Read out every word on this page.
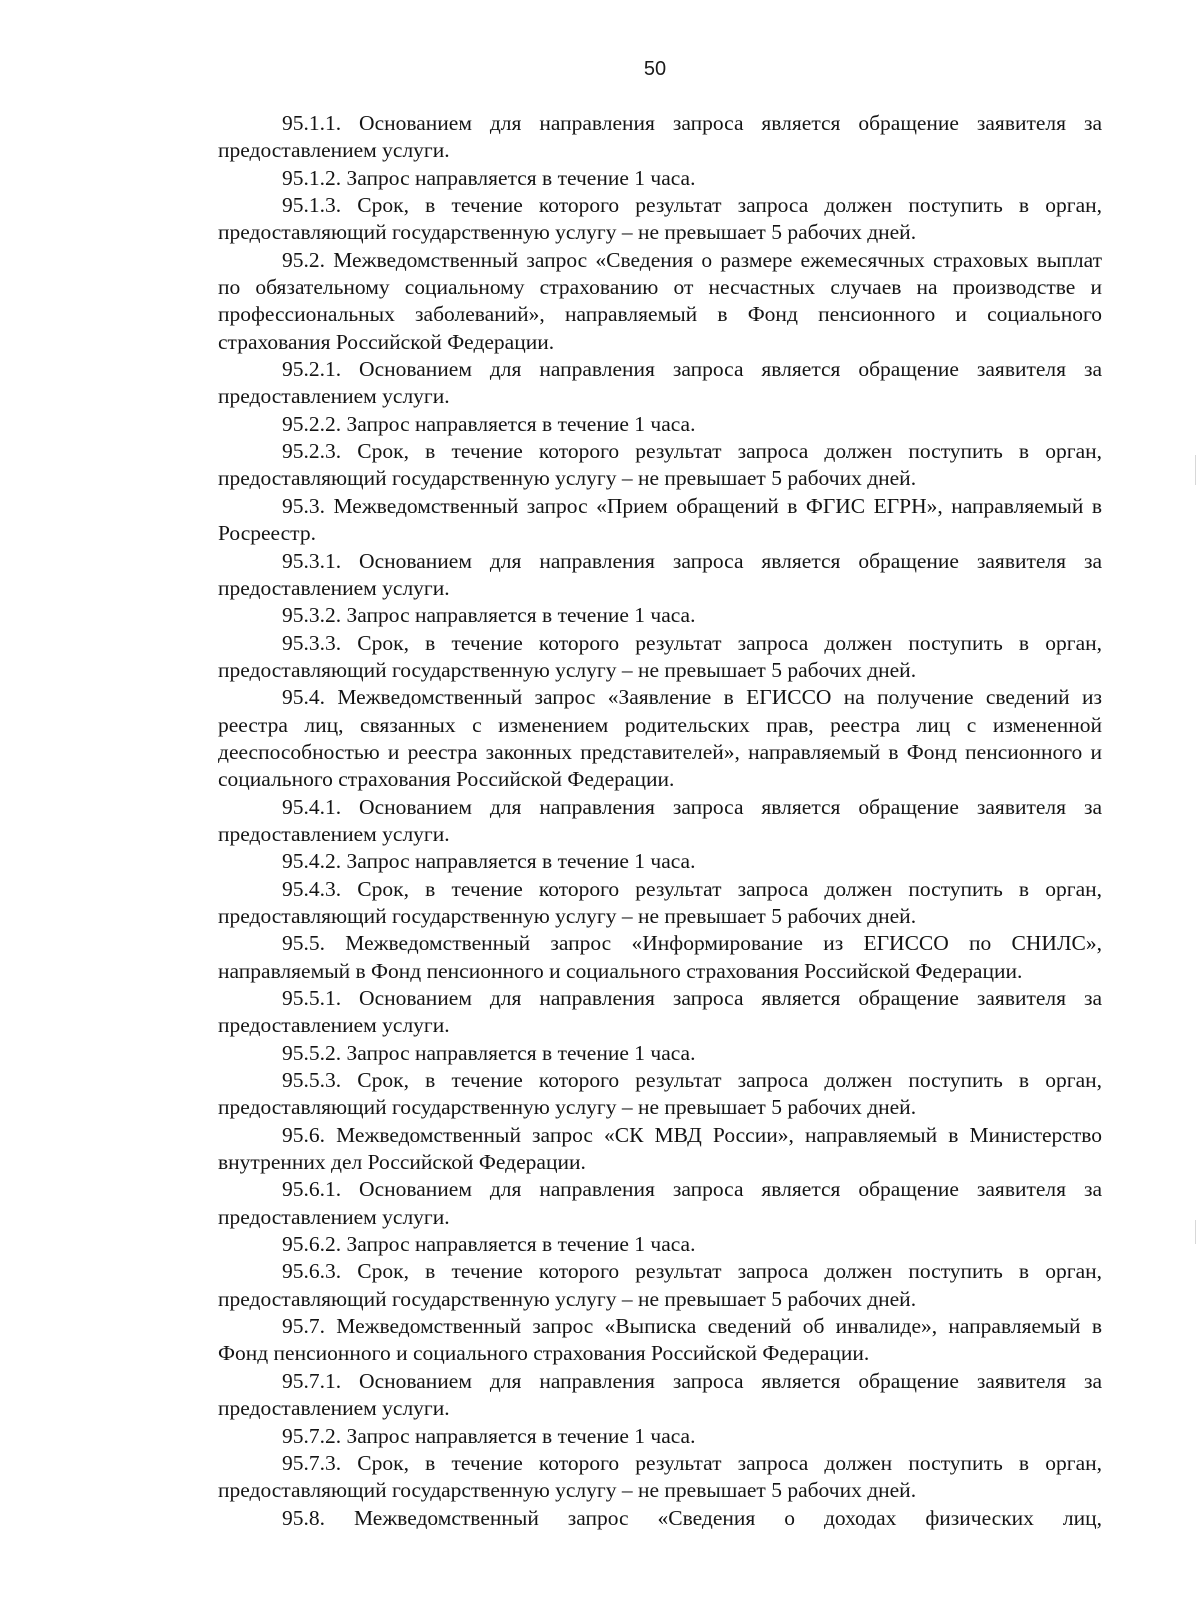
50

95.1.1. Основанием для направления запроса является обращение заявителя за предоставлением услуги.

95.1.2. Запрос направляется в течение 1 часа.

95.1.3. Срок, в течение которого результат запроса должен поступить в орган, предоставляющий государственную услугу – не превышает 5 рабочих дней.

95.2. Межведомственный запрос «Сведения о размере ежемесячных страховых выплат по обязательному социальному страхованию от несчастных случаев на производстве и профессиональных заболеваний», направляемый в Фонд пенсионного и социального страхования Российской Федерации.

95.2.1. Основанием для направления запроса является обращение заявителя за предоставлением услуги.

95.2.2. Запрос направляется в течение 1 часа.

95.2.3. Срок, в течение которого результат запроса должен поступить в орган, предоставляющий государственную услугу – не превышает 5 рабочих дней.

95.3. Межведомственный запрос «Прием обращений в ФГИС ЕГРН», направляемый в Росреестр.

95.3.1. Основанием для направления запроса является обращение заявителя за предоставлением услуги.

95.3.2. Запрос направляется в течение 1 часа.

95.3.3. Срок, в течение которого результат запроса должен поступить в орган, предоставляющий государственную услугу – не превышает 5 рабочих дней.

95.4. Межведомственный запрос «Заявление в ЕГИССО на получение сведений из реестра лиц, связанных с изменением родительских прав, реестра лиц с измененной дееспособностью и реестра законных представителей», направляемый в Фонд пенсионного и социального страхования Российской Федерации.

95.4.1. Основанием для направления запроса является обращение заявителя за предоставлением услуги.

95.4.2. Запрос направляется в течение 1 часа.

95.4.3. Срок, в течение которого результат запроса должен поступить в орган, предоставляющий государственную услугу – не превышает 5 рабочих дней.

95.5. Межведомственный запрос «Информирование из ЕГИССО по СНИЛС», направляемый в Фонд пенсионного и социального страхования Российской Федерации.

95.5.1. Основанием для направления запроса является обращение заявителя за предоставлением услуги.

95.5.2. Запрос направляется в течение 1 часа.

95.5.3. Срок, в течение которого результат запроса должен поступить в орган, предоставляющий государственную услугу – не превышает 5 рабочих дней.

95.6. Межведомственный запрос «СК МВД России», направляемый в Министерство внутренних дел Российской Федерации.

95.6.1. Основанием для направления запроса является обращение заявителя за предоставлением услуги.

95.6.2. Запрос направляется в течение 1 часа.

95.6.3. Срок, в течение которого результат запроса должен поступить в орган, предоставляющий государственную услугу – не превышает 5 рабочих дней.

95.7. Межведомственный запрос «Выписка сведений об инвалиде», направляемый в Фонд пенсионного и социального страхования Российской Федерации.

95.7.1. Основанием для направления запроса является обращение заявителя за предоставлением услуги.

95.7.2. Запрос направляется в течение 1 часа.

95.7.3. Срок, в течение которого результат запроса должен поступить в орган, предоставляющий государственную услугу – не превышает 5 рабочих дней.

95.8. Межведомственный запрос «Сведения о доходах физических лиц,
